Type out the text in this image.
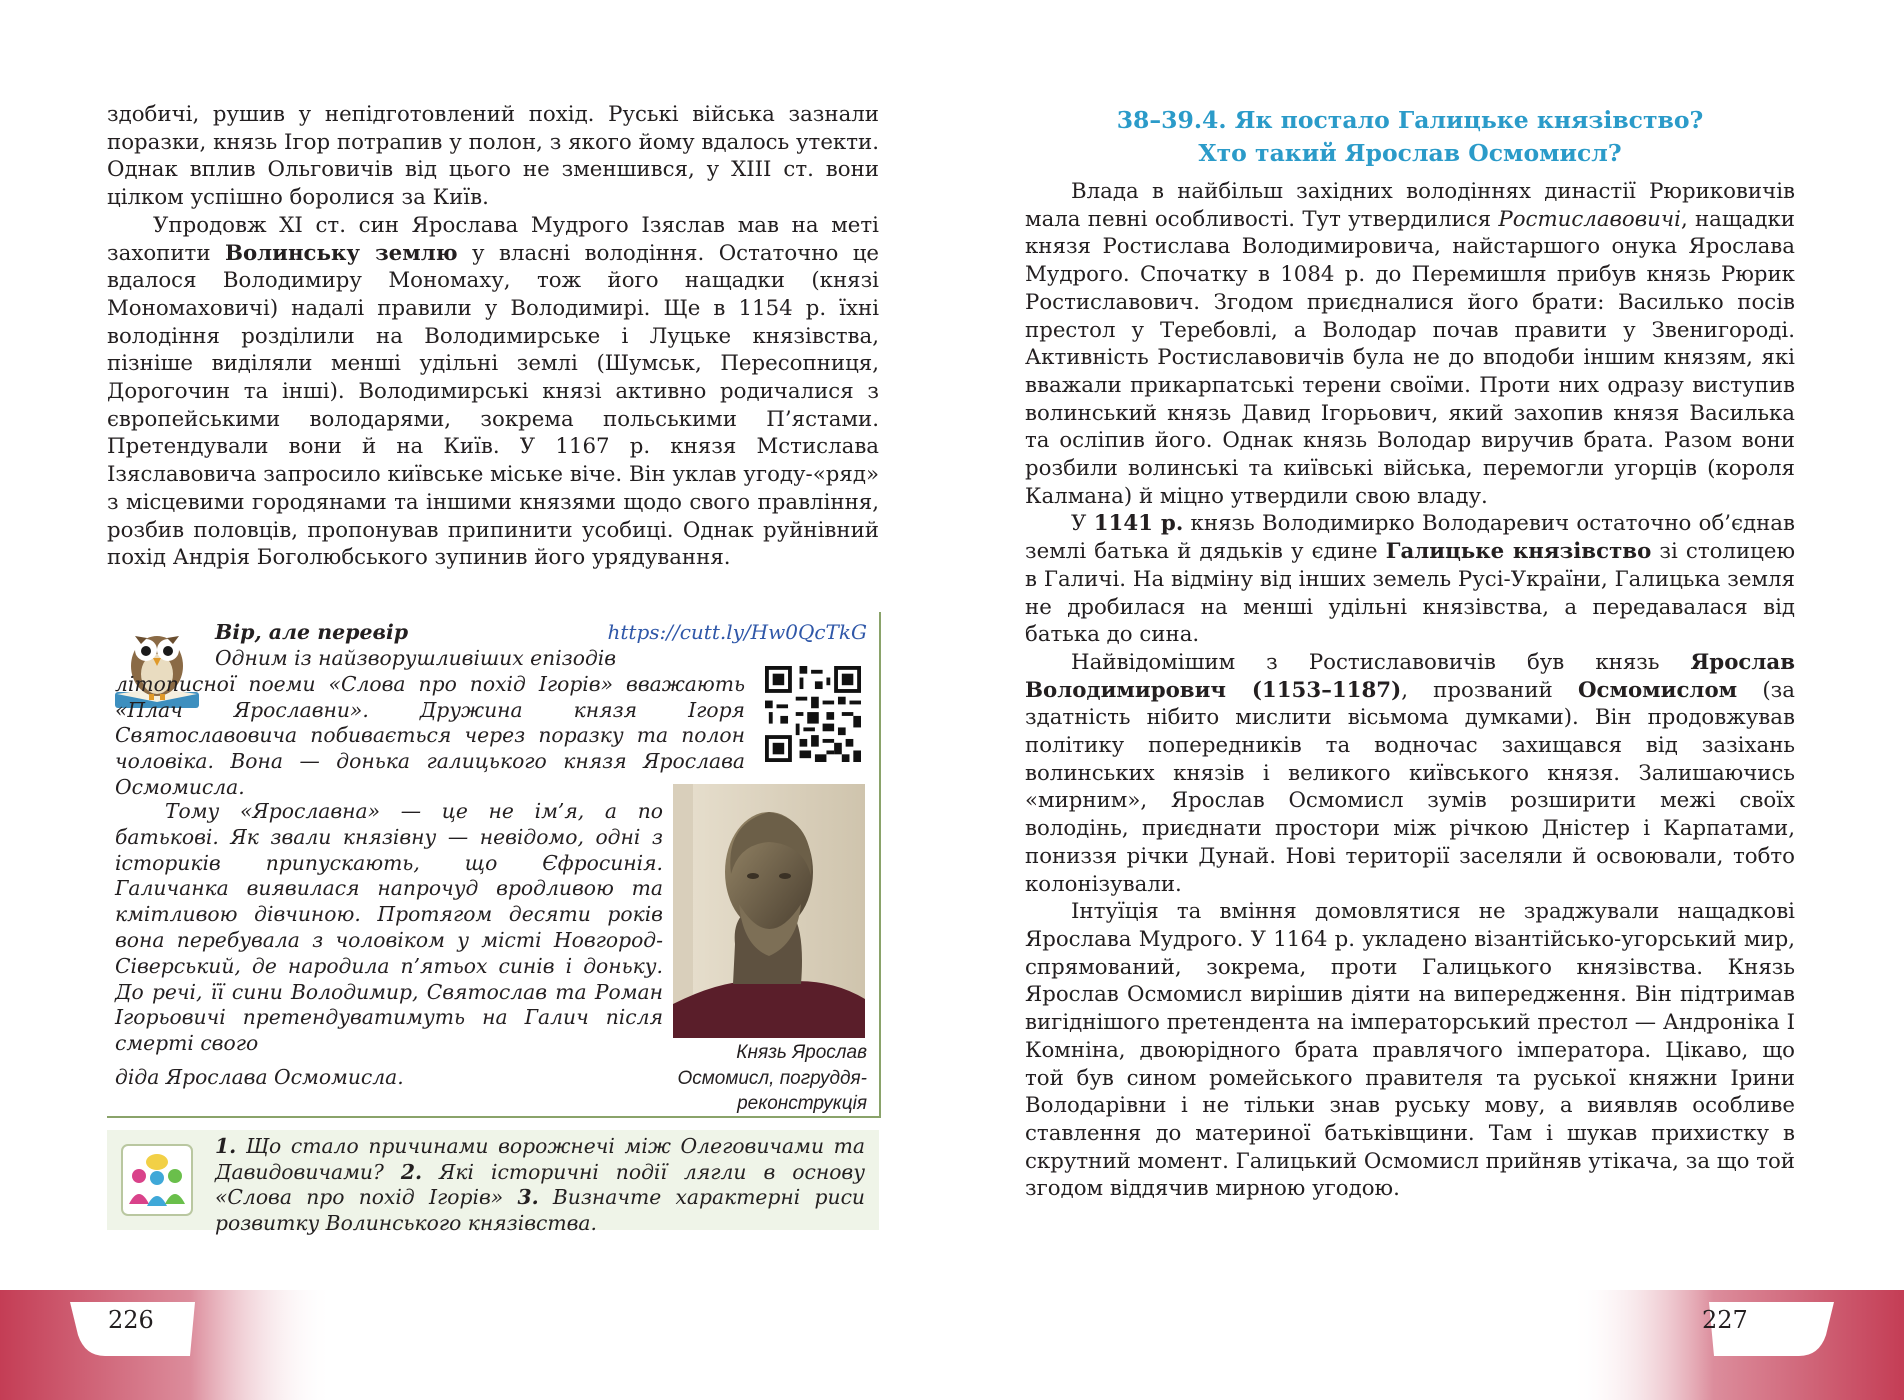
здобичі, рушив у непідготовлений похід. Руські війська зазнали поразки, князь Ігор потрапив у полон, з якого йому вдалось утекти. Однак вплив Ольговичів від цього не зменшився, у XIII ст. вони цілком успішно боролися за Київ.

Упродовж XI ст. син Ярослава Мудрого Ізяслав мав на меті захопити Волинську землю у власні володіння. Остаточно це вдалося Володимиру Мономаху, тож його нащадки (князі Мономаховичі) надалі правили у Володимирі. Ще в 1154 р. їхні володіння розділили на Володимирське і Луцьке князівства, пізніше виділяли менші удільні землі (Шумськ, Пересопниця, Дорогочин та інші). Володимирські князі активно родичалися з європейськими володарями, зокрема польськими П’ястами. Претендували вони й на Київ. У 1167 р. князя Мстислава Ізяславовича запросило київське міське віче. Він уклав угоду-«ряд» з місцевими городянами та іншими князями щодо свого правління, розбив половців, пропонував припинити усобиці. Однак руйнівний похід Андрія Боголюбського зупинив його урядування.

Вір, але перевір	https://cutt.ly/Hw0QcTkG
Одним із найзворушливіших епізодів
літописної поеми «Слова про похід Ігорів» вважають «Плач Ярославни». Дружина князя Ігоря Святославовича побивається через поразку та полон чоловіка. Вона — донька галицького князя Ярослава Осмомисла.

Тому «Ярославна» — це не ім’я, а по батькові. Як звали князівну — невідомо, одні з істориків припускають, що Єфросинія. Галичанка виявилася напрочуд вродливою та кмітливою дівчиною. Протягом десяти років вона перебувала з чоловіком у місті Новгород-Сіверський, де народила п’ятьох синів і доньку. До речі, її сини Володимир, Святослав та Роман Ігорьовичі претендуватимуть на Галич після смерті свого

діда Ярослава Осмомисла.

Князь Ярослав Осмомисл, погруддя-реконструкція
1. Що стало причинами ворожнечі між Олеговичами та Давидовичами? 2. Які історичні події лягли в основу «Слова про похід Ігорів» 3. Визначте характерні риси розвитку Волинського князівства.
226
38–39.4. Як постало Галицьке князівство?
Хто такий Ярослав Осмомисл?

Влада в найбільш західних володіннях династії Рюриковичів мала певні особливості. Тут утвердилися Ростиславовичі, нащадки князя Ростислава Володимировича, найстаршого онука Ярослава Мудрого. Спочатку в 1084 р. до Перемишля прибув князь Рюрик Ростиславович. Згодом приєдналися його брати: Василько посів престол у Теребовлі, а Володар почав правити у Звенигороді. Активність Ростиславовичів була не до вподоби іншим князям, які вважали прикарпатські терени своїми. Проти них одразу виступив волинський князь Давид Ігорьович, який захопив князя Василька та осліпив його. Однак князь Володар виручив брата. Разом вони розбили волинські та київські війська, перемогли угорців (короля Калмана) й міцно утвердили свою владу.

У 1141 р. князь Володимирко Володаревич остаточно об’єднав землі батька й дядьків у єдине Галицьке князівство зі столицею в Галичі. На відміну від інших земель Русі-України, Галицька земля не дробилася на менші удільні князівства, а передавалася від батька до сина.

Найвідомішим з Ростиславовичів був князь Ярослав Володимирович (1153–1187), прозваний Осмомислом (за здатність нібито мислити вісьмома думками). Він продовжував політику попередників та водночас захищався від зазіхань волинських князів і великого київського князя. Залишаючись «мирним», Ярослав Осмомисл зумів розширити межі своїх володінь, приєднати простори між річкою Дністер і Карпатами, пониззя річки Дунай. Нові території заселяли й освоювали, тобто колонізували.

Інтуїція та вміння домовлятися не зраджували нащадкові Ярослава Мудрого. У 1164 р. укладено візантійсько-угорський мир, спрямований, зокрема, проти Галицького князівства. Князь Ярослав Осмомисл вирішив діяти на випередження. Він підтримав вигіднішого претендента на імператорський престол — Андроніка І Комніна, двоюрідного брата правлячого імператора. Цікаво, що той був сином ромейського правителя та руської княжни Ірини Володарівни і не тільки знав руську мову, а виявляв особливе ставлення до материної батьківщини. Там і шукав прихистку в скрутний момент. Галицький Осмомисл прийняв утікача, за що той згодом віддячив мирною угодою.

227
